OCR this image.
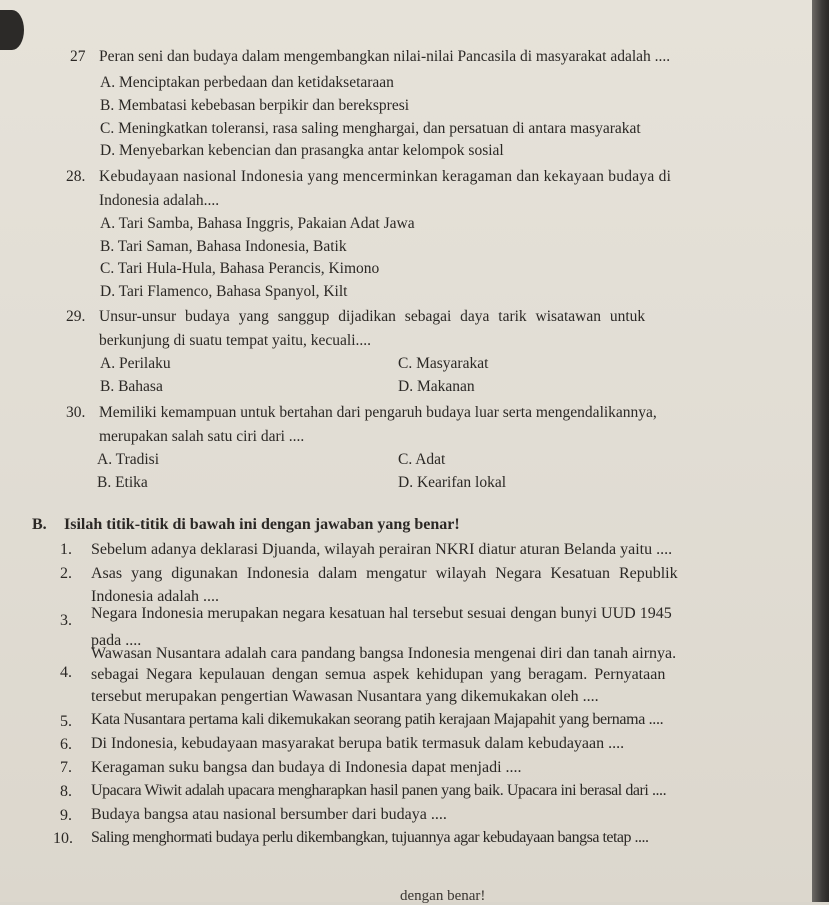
27 Peran seni dan budaya dalam mengembangkan nilai-nilai Pancasila di masyarakat adalah ....
A. Menciptakan perbedaan dan ketidaksetaraan
B. Membatasi kebebasan berpikir dan berekspresi
C. Meningkatkan toleransi, rasa saling menghargai, dan persatuan di antara masyarakat
D. Menyebarkan kebencian dan prasangka antar kelompok sosial
28. Kebudayaan nasional Indonesia yang mencerminkan keragaman dan kekayaan budaya di
Indonesia adalah....
A. Tari Samba, Bahasa Inggris, Pakaian Adat Jawa
B. Tari Saman, Bahasa Indonesia, Batik
C. Tari Hula-Hula, Bahasa Perancis, Kimono
D. Tari Flamenco, Bahasa Spanyol, Kilt
29. Unsur-unsur budaya yang sanggup dijadikan sebagai daya tarik wisatawan untuk
berkunjung di suatu tempat yaitu, kecuali....
A. Perilaku
B. Bahasa
C. Masyarakat
D. Makanan
30. Memiliki kemampuan untuk bertahan dari pengaruh budaya luar serta mengendalikannya,
merupakan salah satu ciri dari ....
A. Tradisi
B. Etika
C. Adat
D. Kearifan lokal
B. Isilah titik-titik di bawah ini dengan jawaban yang benar!
1. Sebelum adanya deklarasi Djuanda, wilayah perairan NKRI diatur aturan Belanda yaitu ....
2. Asas yang digunakan Indonesia dalam mengatur wilayah Negara Kesatuan Republik
Indonesia adalah ....
3. Negara Indonesia merupakan negara kesatuan hal tersebut sesuai dengan bunyi UUD 1945
pada ....
4.
Wawasan Nusantara adalah cara pandang bangsa Indonesia mengenai diri dan tanah airnya.
sebagai Negara kepulauan dengan semua aspek kehidupan yang beragam. Pernyataan
tersebut merupakan pengertian Wawasan Nusantara yang dikemukakan oleh ....
5. Kata Nusantara pertama kali dikemukakan seorang patih kerajaan Majapahit yang bernama ....
6. Di Indonesia, kebudayaan masyarakat berupa batik termasuk dalam kebudayaan ....
7. Keragaman suku bangsa dan budaya di Indonesia dapat menjadi ....
8. Upacara Wiwit adalah upacara mengharapkan hasil panen yang baik. Upacara ini berasal dari ....
9. Budaya bangsa atau nasional bersumber dari budaya ....
10. Saling menghormati budaya perlu dikembangkan, tujuannya agar kebudayaan bangsa tetap ....
dengan benar!
